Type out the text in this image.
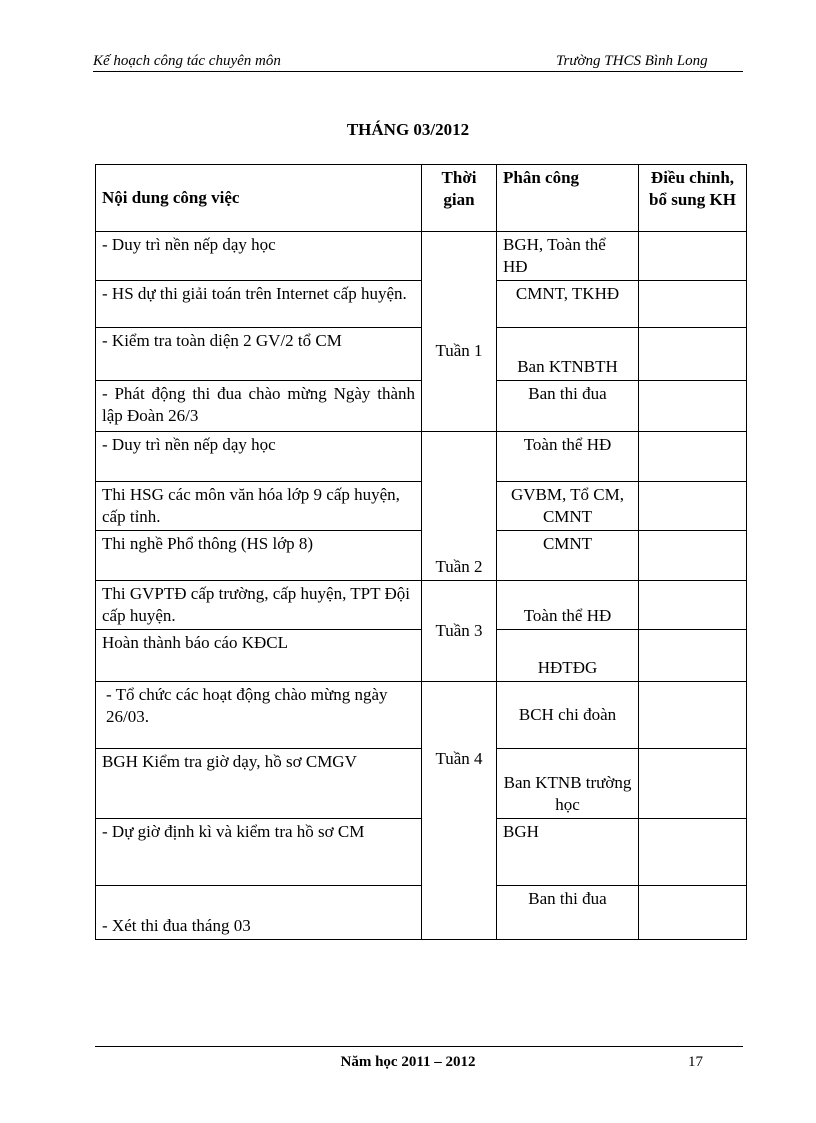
Kế hoạch công tác chuyên môn	Trường THCS Bình Long
THÁNG 03/2012
Nội dung công việc	Thời gian	Phân công	Điều chỉnh, bổ sung KH
- Duy trì nền nếp dạy học	Tuần 1	BGH, Toàn thể HĐ	
- HS dự thi giải toán trên Internet cấp huyện.		CMNT, TKHĐ	
- Kiểm tra toàn diện 2 GV/2 tổ CM		Ban KTNBTH	
- Phát động thi đua chào mừng Ngày thành lập Đoàn 26/3		Ban thi đua	
- Duy trì nền nếp dạy học	Tuần 2	Toàn thể HĐ	
Thi HSG các môn văn hóa lớp 9 cấp huyện, cấp tỉnh.		GVBM, Tổ CM, CMNT	
Thi nghề Phổ thông (HS lớp 8)		CMNT	
Thi GVPTĐ cấp trường, cấp huyện, TPT Đội cấp huyện.	Tuần 3	Toàn thể HĐ	
Hoàn thành báo cáo KĐCL		HĐTĐG	
- Tổ chức các hoạt động chào mừng ngày 26/03.	Tuần 4	BCH chi đoàn	
BGH Kiểm tra giờ dạy, hồ sơ CMGV		Ban KTNB trường học	
- Dự giờ định kì và kiểm tra hồ sơ CM		BGH	
- Xét thi đua tháng 03		Ban thi đua	
Năm học 2011 – 2012	17
